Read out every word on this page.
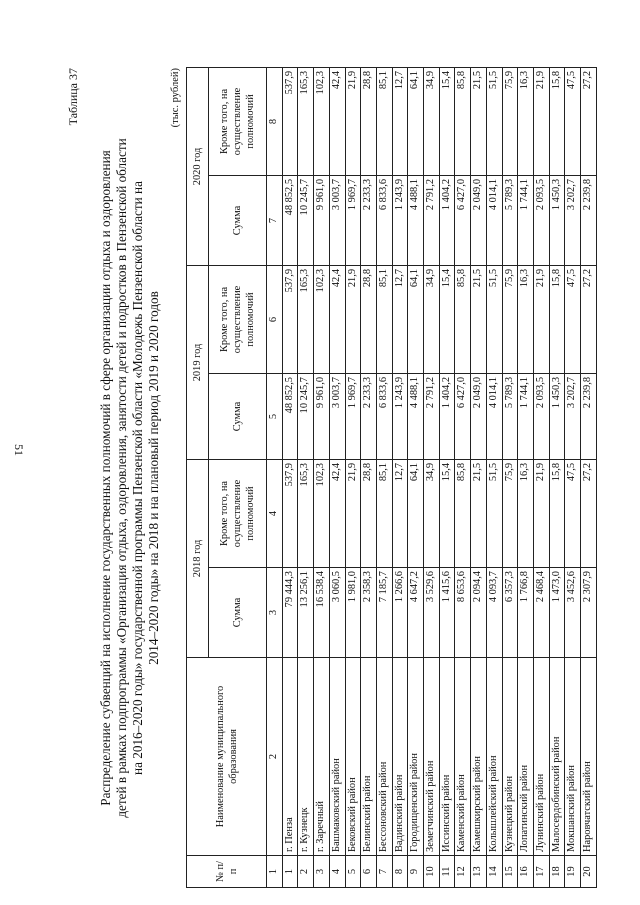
51
Таблица 37
Распределение субвенций на исполнение государственных полномочий в сфере организации отдыха и оздоровления детей в рамках подпрограммы «Организация отдыха, оздоровления, занятости детей и подростков в Пензенской области на 2016–2020 годы» государственной программы Пензенской области «Молодежь Пензенской области на 2014–2020 годы» на 2018 и на плановый период 2019 и 2020 годов
(тыс. рублей)
№ п/п	Наименование муниципального образования	2018 год		2019 год		2020 год	
		Сумма	Кроме того, на осуществление полномочий	Сумма	Кроме того, на осуществление полномочий	Сумма	Кроме того, на осуществление полномочий
1	2	3	4	5	6	7	8
1	г. Пенза	79 444,3	537,9	48 852,5	537,9	48 852,5	537,9
2	г. Кузнецк	13 256,1	165,3	10 245,7	165,3	10 245,7	165,3
3	г. Заречный	16 538,4	102,3	9 961,0	102,3	9 961,0	102,3
4	Башмаковский район	3 060,5	42,4	3 003,7	42,4	3 003,7	42,4
5	Бековский район	1 981,0	21,9	1 969,7	21,9	1 969,7	21,9
6	Белинский район	2 358,3	28,8	2 233,3	28,8	2 233,3	28,8
7	Бессоновский район	7 185,7	85,1	6 833,6	85,1	6 833,6	85,1
8	Вадинский район	1 266,6	12,7	1 243,9	12,7	1 243,9	12,7
9	Городищенский район	4 647,2	64,1	4 488,1	64,1	4 488,1	64,1
10	Земетчинский район	3 529,6	34,9	2 791,2	34,9	2 791,2	34,9
11	Иссинский район	1 415,6	15,4	1 404,2	15,4	1 404,2	15,4
12	Каменский район	8 653,6	85,8	6 427,0	85,8	6 427,0	85,8
13	Камешкирский район	2 094,4	21,5	2 049,0	21,5	2 049,0	21,5
14	Колышлейский район	4 093,7	51,5	4 014,1	51,5	4 014,1	51,5
15	Кузнецкий район	6 357,3	75,9	5 789,3	75,9	5 789,3	75,9
16	Лопатинский район	1 766,8	16,3	1 744,1	16,3	1 744,1	16,3
17	Лунинский район	2 468,4	21,9	2 093,5	21,9	2 093,5	21,9
18	Малосердобинский район	1 473,0	15,8	1 450,3	15,8	1 450,3	15,8
19	Мокшанский район	3 452,6	47,5	3 202,7	47,5	3 202,7	47,5
20	Наровчатский район	2 307,9	27,2	2 239,8	27,2	2 239,8	27,2
